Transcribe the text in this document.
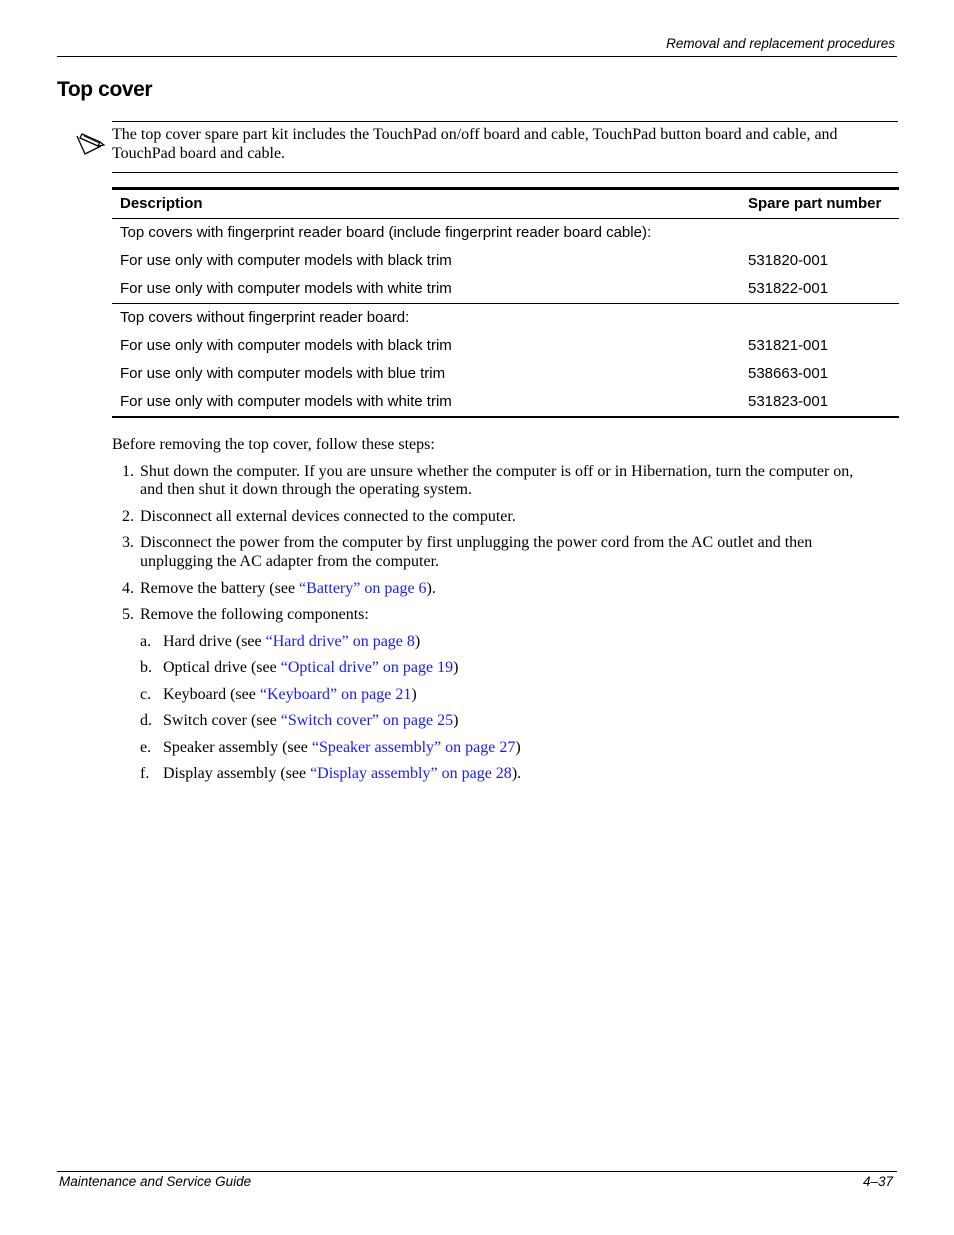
Removal and replacement procedures
Top cover
The top cover spare part kit includes the TouchPad on/off board and cable, TouchPad button board and cable, and TouchPad board and cable.
Description	Spare part number
Top covers with fingerprint reader board (include fingerprint reader board cable):
For use only with computer models with black trim	531820-001
For use only with computer models with white trim	531822-001
Top covers without fingerprint reader board:
For use only with computer models with black trim	531821-001
For use only with computer models with blue trim	538663-001
For use only with computer models with white trim	531823-001
Before removing the top cover, follow these steps:
1. Shut down the computer. If you are unsure whether the computer is off or in Hibernation, turn the computer on,
and then shut it down through the operating system.
2. Disconnect all external devices connected to the computer.
3. Disconnect the power from the computer by first unplugging the power cord from the AC outlet and then
unplugging the AC adapter from the computer.
4. Remove the battery (see “Battery” on page 6).
5. Remove the following components:
a. Hard drive (see “Hard drive” on page 8)
b. Optical drive (see “Optical drive” on page 19)
c. Keyboard (see “Keyboard” on page 21)
d. Switch cover (see “Switch cover” on page 25)
e. Speaker assembly (see “Speaker assembly” on page 27)
f. Display assembly (see “Display assembly” on page 28).
Maintenance and Service Guide	4–37
